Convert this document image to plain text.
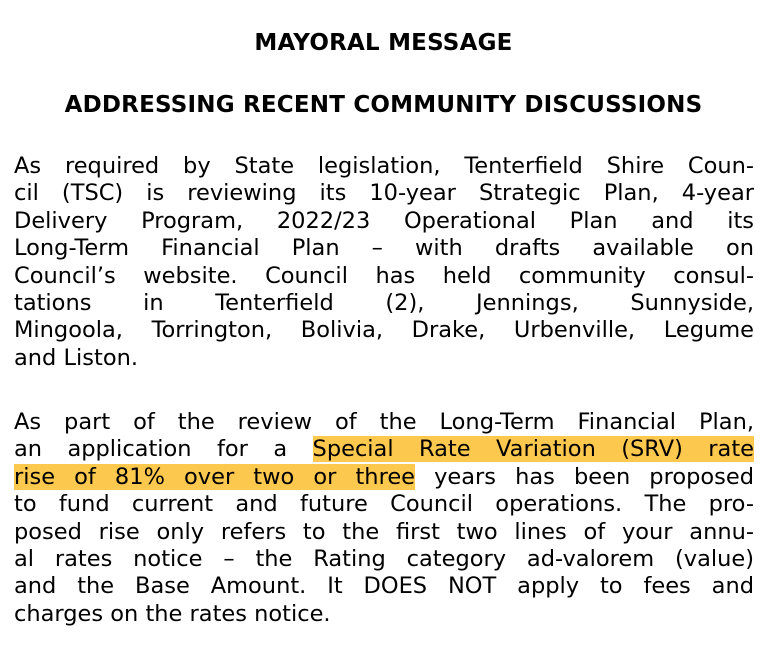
MAYORAL MESSAGE
ADDRESSING RECENT COMMUNITY DISCUSSIONS
As required by State legislation, Tenterfield Shire Coun-
cil (TSC) is reviewing its 10-year Strategic Plan, 4-year
Delivery Program, 2022/23 Operational Plan and its
Long-Term Financial Plan – with drafts available on
Council’s website. Council has held community consul-
tations in Tenterfield (2), Jennings, Sunnyside,
Mingoola, Torrington, Bolivia, Drake, Urbenville, Legume
and Liston.
As part of the review of the Long-Term Financial Plan,
an application for a Special Rate Variation (SRV) rate
rise of 81% over two or three years has been proposed
to fund current and future Council operations. The pro-
posed rise only refers to the first two lines of your annu-
al rates notice – the Rating category ad-valorem (value)
and the Base Amount. It DOES NOT apply to fees and
charges on the rates notice.
